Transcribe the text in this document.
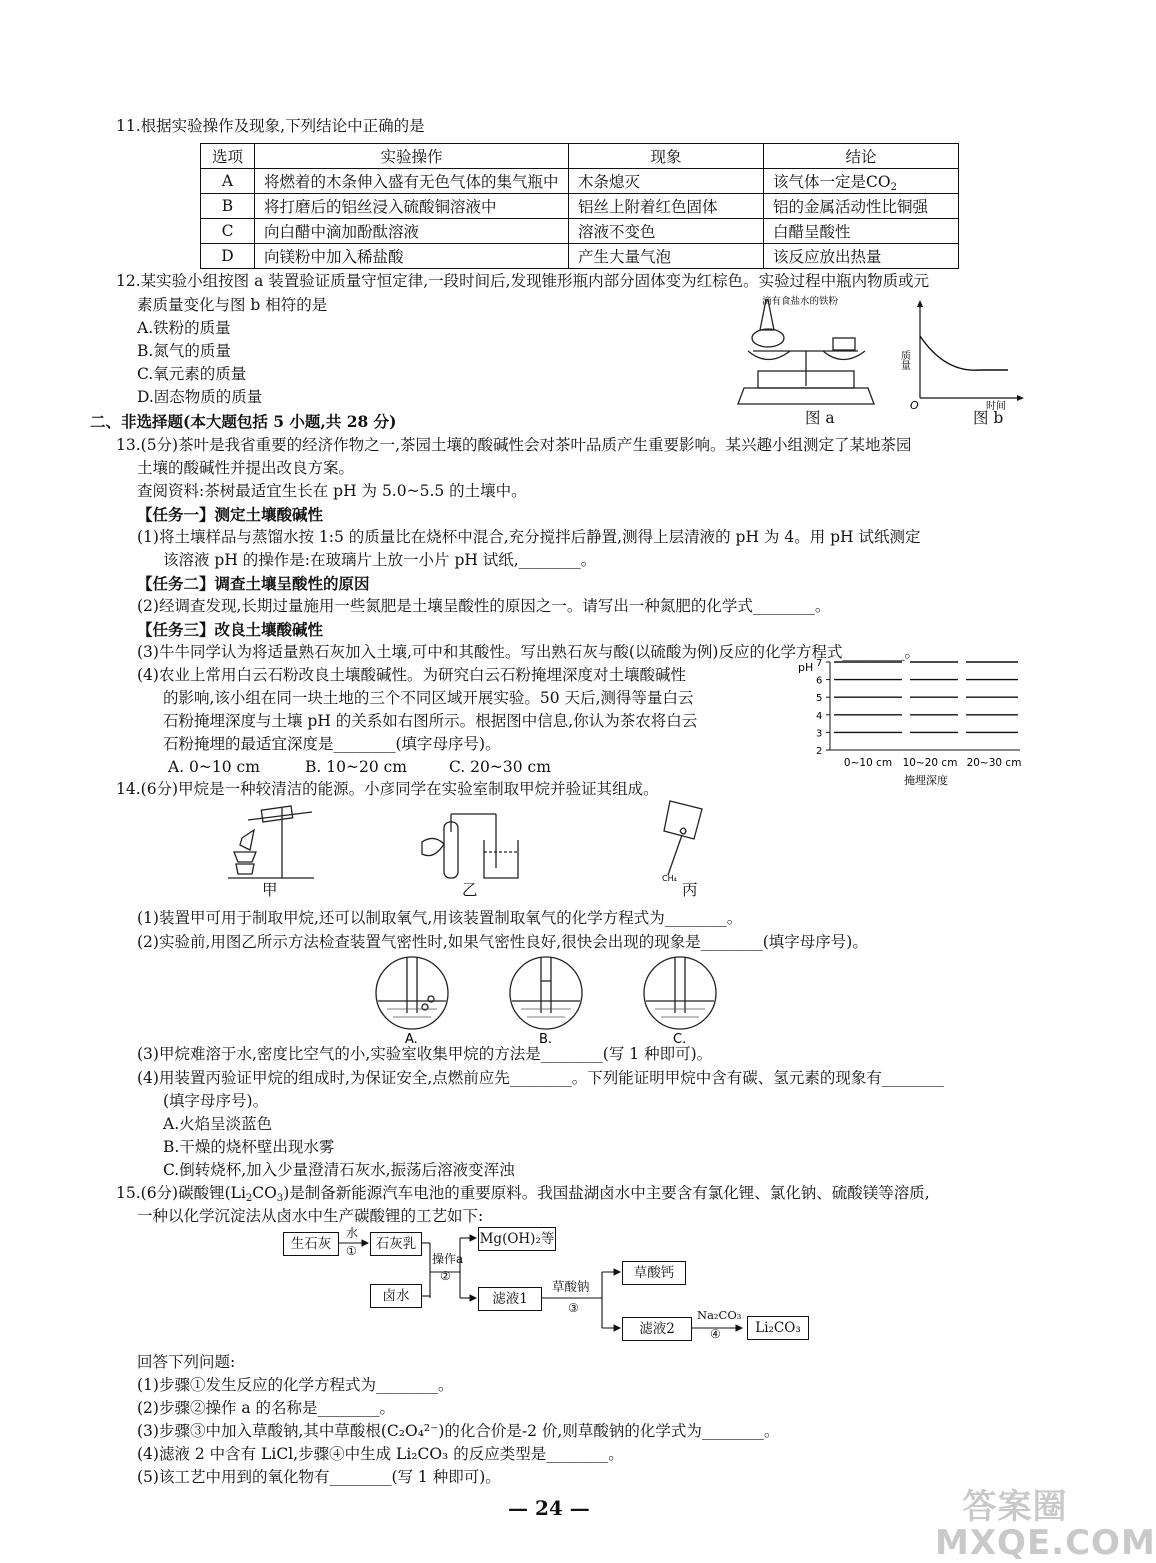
11.根据实验操作及现象,下列结论中正确的是
选项	实验操作	现象	结论
A	将燃着的木条伸入盛有无色气体的集气瓶中	木条熄灭	该气体一定是$CO_2$
B	将打磨后的铝丝浸入硫酸铜溶液中	铝丝上附着红色固体	铝的金属活动性比铜强
C	向白醋中滴加酚酞溶液	溶液不变色	白醋呈酸性
D	向镁粉中加入稀盐酸	产生大量气泡	该反应放出热量
12.某实验小组按图 a 装置验证质量守恒定律,一段时间后,发现锥形瓶内部分固体变为红棕色。实验过程中瓶内物质或元
素质量变化与图 b 相符的是
A.铁粉的质量
B.氮气的质量
C.氧元素的质量
D.固态物质的质量
滴有食盐水的铁粉
图 a
质量
时间
O
图 b
二、非选择题(本大题包括 5 小题,共 28 分)
13.(5分)茶叶是我省重要的经济作物之一,茶园土壤的酸碱性会对茶叶品质产生重要影响。某兴趣小组测定了某地茶园
土壤的酸碱性并提出改良方案。
查阅资料:茶树最适宜生长在 pH 为 5.0~5.5 的土壤中。
【任务一】测定土壤酸碱性
(1)将土壤样品与蒸馏水按 1:5 的质量比在烧杯中混合,充分搅拌后静置,测得上层清液的 pH 为 4。用 pH 试纸测定
该溶液 pH 的操作是:在玻璃片上放一小片 pH 试纸,________。
【任务二】调查土壤呈酸性的原因
(2)经调查发现,长期过量施用一些氮肥是土壤呈酸性的原因之一。请写出一种氮肥的化学式________。
【任务三】改良土壤酸碱性
(3)牛牛同学认为将适量熟石灰加入土壤,可中和其酸性。写出熟石灰与酸(以硫酸为例)反应的化学方程式________。
(4)农业上常用白云石粉改良土壤酸碱性。为研究白云石粉掩埋深度对土壤酸碱性
的影响,该小组在同一块土地的三个不同区域开展实验。50 天后,测得等量白云
石粉掩埋深度与土壤 pH 的关系如右图所示。根据图中信息,你认为茶农将白云
石粉掩埋的最适宜深度是________(填字母序号)。
A. 0~10 cm	B. 10~20 cm	C. 20~30 cm
pH 7
6
5
4
3
2
0~10 cm 10~20 cm 20~30 cm
掩埋深度
14.(6分)甲烷是一种较清洁的能源。小彦同学在实验室制取甲烷并验证其组成。
甲	乙
CH₄
丙
(1)装置甲可用于制取甲烷,还可以制取氧气,用该装置制取氧气的化学方程式为________。
(2)实验前,用图乙所示方法检查装置气密性时,如果气密性良好,很快会出现的现象是________(填字母序号)。
A.	B.	C.
(3)甲烷难溶于水,密度比空气的小,实验室收集甲烷的方法是________(写 1 种即可)。
(4)用装置丙验证甲烷的组成时,为保证安全,点燃前应先________。下列能证明甲烷中含有碳、氢元素的现象有________
(填字母序号)。
A.火焰呈淡蓝色
B.干燥的烧杯壁出现水雾
C.倒转烧杯,加入少量澄清石灰水,振荡后溶液变浑浊
15.(6分)碳酸锂$(Li_2CO_3)$是制备新能源汽车电池的重要原料。我国盐湖卤水中主要含有氯化锂、氯化钠、硫酸镁等溶质,
一种以化学沉淀法从卤水中生产碳酸锂的工艺如下:
生石灰
水
①	石灰乳
操作a
②
Mg(OH)₂等
卤水	滤液1
草酸钠
③
草酸钙
滤液2
Na₂CO₃
④	Li₂CO₃
回答下列问题:
(1)步骤①发生反应的化学方程式为________。
(2)步骤②操作 a 的名称是________。
(3)步骤③中加入草酸钠,其中草酸根(C₂O₄²⁻)的化合价是-2 价,则草酸钠的化学式为________。
(4)滤液 2 中含有 LiCl,步骤④中生成 Li₂CO₃ 的反应类型是________。
(5)该工艺中用到的氧化物有________(写 1 种即可)。
— 24 —	答案圈 MXQE.COM
